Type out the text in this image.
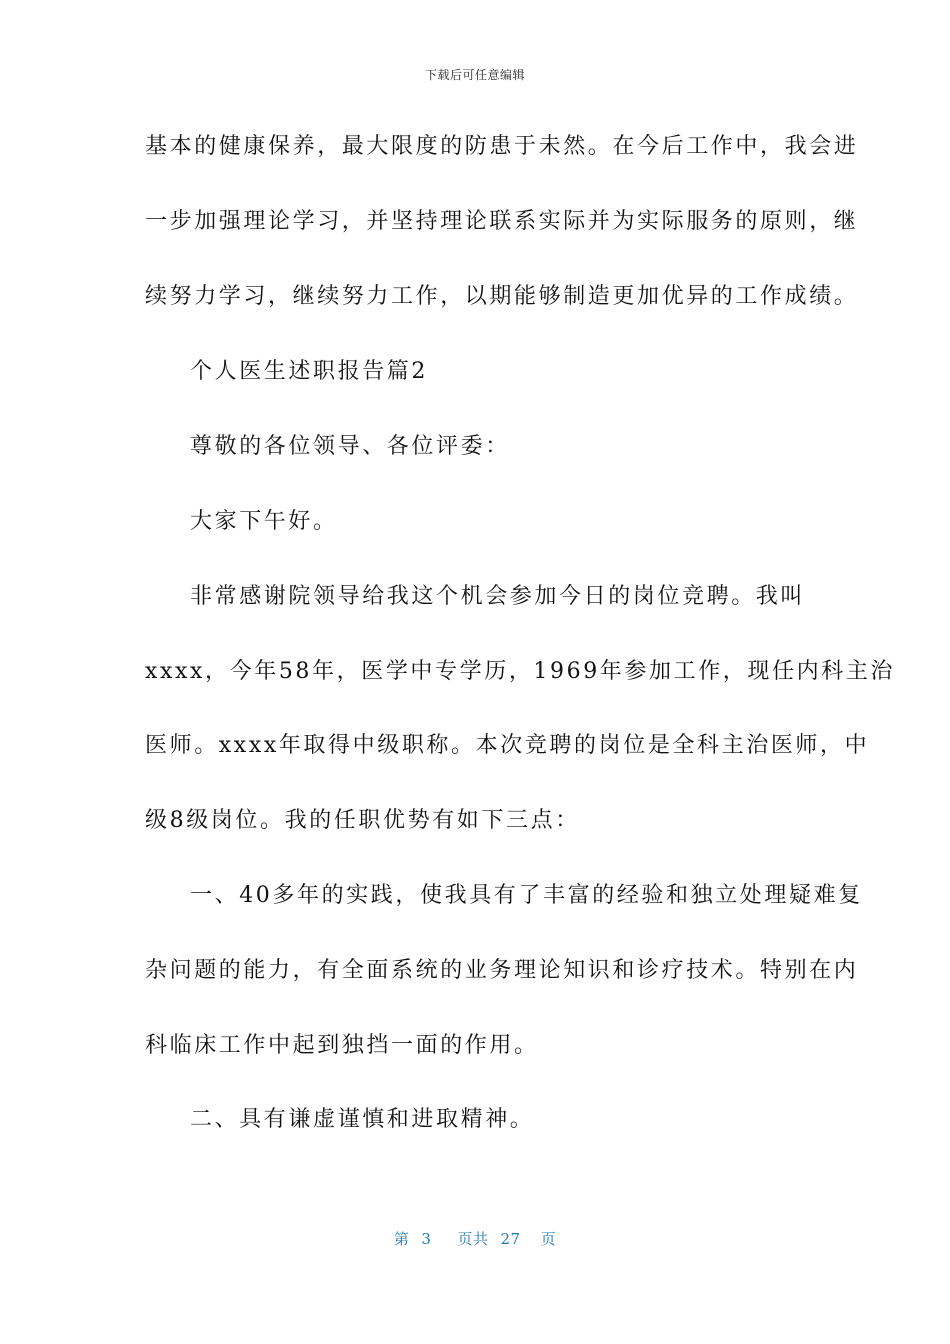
下载后可任意编辑
基本的健康保养，最大限度的防患于未然。在今后工作中，我会进
一步加强理论学习，并坚持理论联系实际并为实际服务的原则，继
续努力学习，继续努力工作，以期能够制造更加优异的工作成绩。
个人医生述职报告篇2
尊敬的各位领导、各位评委：
大家下午好。
非常感谢院领导给我这个机会参加今日的岗位竞聘。我叫
xxxx，今年58年，医学中专学历，1969年参加工作，现任内科主治
医师。xxxx年取得中级职称。本次竞聘的岗位是全科主治医师，中
级8级岗位。我的任职优势有如下三点：
一、40多年的实践，使我具有了丰富的经验和独立处理疑难复
杂问题的能力，有全面系统的业务理论知识和诊疗技术。特别在内
科临床工作中起到独挡一面的作用。
二、具有谦虚谨慎和进取精神。
第 3 页共 27 页
